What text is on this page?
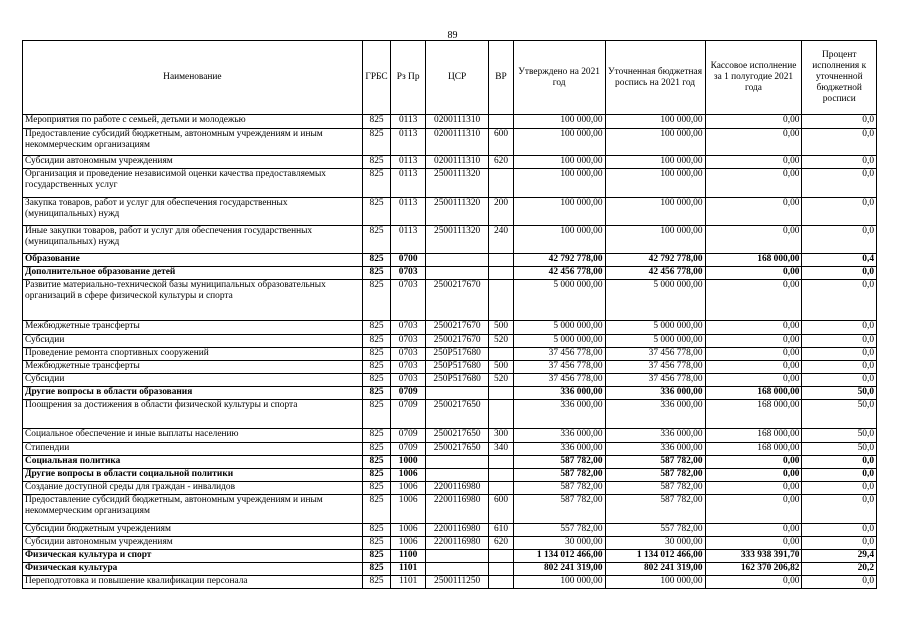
89
Наименование	ГРБС	Рз Пр	ЦСР	ВР	Утверждено на 2021 год	Уточненная бюджетная роспись на 2021 год	Кассовое исполнение за 1 полугодие 2021 года	Процент исполнения к уточненной бюджетной росписи
Мероприятия по работе с семьей, детьми и молодежью	825	0113	0200111310		100 000,00	100 000,00	0,00	0,0
Предоставление субсидий бюджетным, автономным учреждениям и иным некоммерческим организациям	825	0113	0200111310	600	100 000,00	100 000,00	0,00	0,0
Субсидии автономным учреждениям	825	0113	0200111310	620	100 000,00	100 000,00	0,00	0,0
Организация и проведение независимой оценки качества предоставляемых государственных услуг	825	0113	2500111320		100 000,00	100 000,00	0,00	0,0
Закупка товаров, работ и услуг для обеспечения государственных (муниципальных) нужд	825	0113	2500111320	200	100 000,00	100 000,00	0,00	0,0
Иные закупки товаров, работ и услуг для обеспечения государственных (муниципальных) нужд	825	0113	2500111320	240	100 000,00	100 000,00	0,00	0,0
Образование	825	0700			42 792 778,00	42 792 778,00	168 000,00	0,4
Дополнительное образование детей	825	0703			42 456 778,00	42 456 778,00	0,00	0,0
Развитие материально-технической базы муниципальных образовательных организаций в сфере физической культуры и спорта	825	0703	2500217670		5 000 000,00	5 000 000,00	0,00	0,0
Межбюджетные трансферты	825	0703	2500217670	500	5 000 000,00	5 000 000,00	0,00	0,0
Субсидии	825	0703	2500217670	520	5 000 000,00	5 000 000,00	0,00	0,0
Проведение ремонта спортивных сооружений	825	0703	250P517680		37 456 778,00	37 456 778,00	0,00	0,0
Межбюджетные трансферты	825	0703	250P517680	500	37 456 778,00	37 456 778,00	0,00	0,0
Субсидии	825	0703	250P517680	520	37 456 778,00	37 456 778,00	0,00	0,0
Другие вопросы в области образования	825	0709			336 000,00	336 000,00	168 000,00	50,0
Поощрения за достижения в области физической культуры и спорта	825	0709	2500217650		336 000,00	336 000,00	168 000,00	50,0
Социальное обеспечение и иные выплаты населению	825	0709	2500217650	300	336 000,00	336 000,00	168 000,00	50,0
Стипендии	825	0709	2500217650	340	336 000,00	336 000,00	168 000,00	50,0
Социальная политика	825	1000			587 782,00	587 782,00	0,00	0,0
Другие вопросы в области социальной политики	825	1006			587 782,00	587 782,00	0,00	0,0
Создание доступной среды для граждан - инвалидов	825	1006	2200116980		587 782,00	587 782,00	0,00	0,0
Предоставление субсидий бюджетным, автономным учреждениям и иным некоммерческим организациям	825	1006	2200116980	600	587 782,00	587 782,00	0,00	0,0
Субсидии бюджетным учреждениям	825	1006	2200116980	610	557 782,00	557 782,00	0,00	0,0
Субсидии автономным учреждениям	825	1006	2200116980	620	30 000,00	30 000,00	0,00	0,0
Физическая культура и спорт	825	1100			1 134 012 466,00	1 134 012 466,00	333 938 391,70	29,4
Физическая культура	825	1101			802 241 319,00	802 241 319,00	162 370 206,82	20,2
Переподготовка и повышение квалификации персонала	825	1101	2500111250		100 000,00	100 000,00	0,00	0,0
